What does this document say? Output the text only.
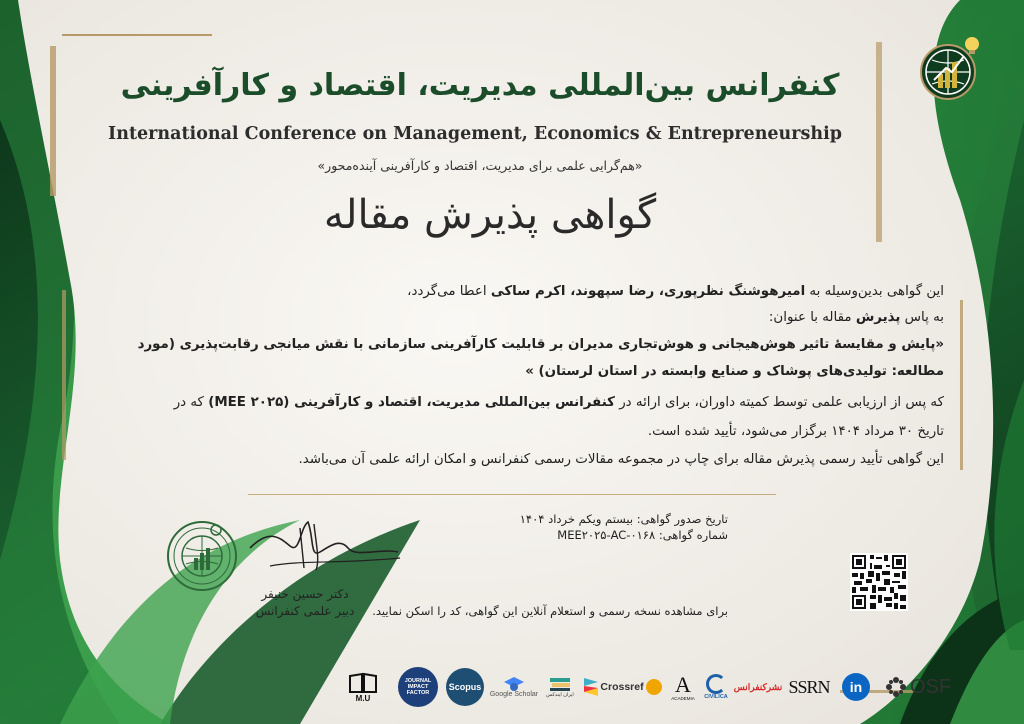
کنفرانس بین‌المللی مدیریت، اقتصاد و کارآفرینی
International Conference on Management, Economics & Entrepreneurship
«هم‌گرایی علمی برای مدیریت، اقتصاد و کارآفرینی آینده‌محور»
گواهی پذیرش مقاله
این گواهی بدین‌وسیله به امیرهوشنگ نظرپوری، رضا سپهوند، اکرم ساکی اعطا می‌گردد،
به پاس پذیرش مقاله با عنوان:
«پایش و مقایسهٔ تاثیر هوش‌هیجانی و هوش‌تجاری مدیران بر قابلیت کارآفرینی سازمانی با نقش میانجی رقابت‌پذیری (مورد
مطالعه: تولیدی‌های پوشاک و صنایع وابسته در استان لرستان) »
که پس از ارزیابی علمی توسط کمیته داوران، برای ارائه در کنفرانس بین‌المللی مدیریت، اقتصاد و کارآفرینی (MEE ۲۰۲۵) که در
تاریخ ۳۰ مرداد ۱۴۰۴ برگزار می‌شود، تأیید شده است.
این گواهی تأیید رسمی پذیرش مقاله برای چاپ در مجموعه مقالات رسمی کنفرانس و امکان ارائه علمی آن می‌باشد.
تاریخ صدور گواهی: بیستم ویکم خرداد ۱۴۰۴
شماره گواهی: MEE۲۰۲۵-AC-۰۱۶۸
برای مشاهده نسخه رسمی و استعلام آنلاین این گواهی، کد را اسکن نمایید.
دکتر حسین خنیفر
دبیر علمی کنفرانس
M.U
JOURNAL IMPACT FACTOR
Scopus
Google Scholar ایران ایندکس
Crossref A
ACADEMIA CIVILICA
نشرکنفرانس SSRN	in	OSF
